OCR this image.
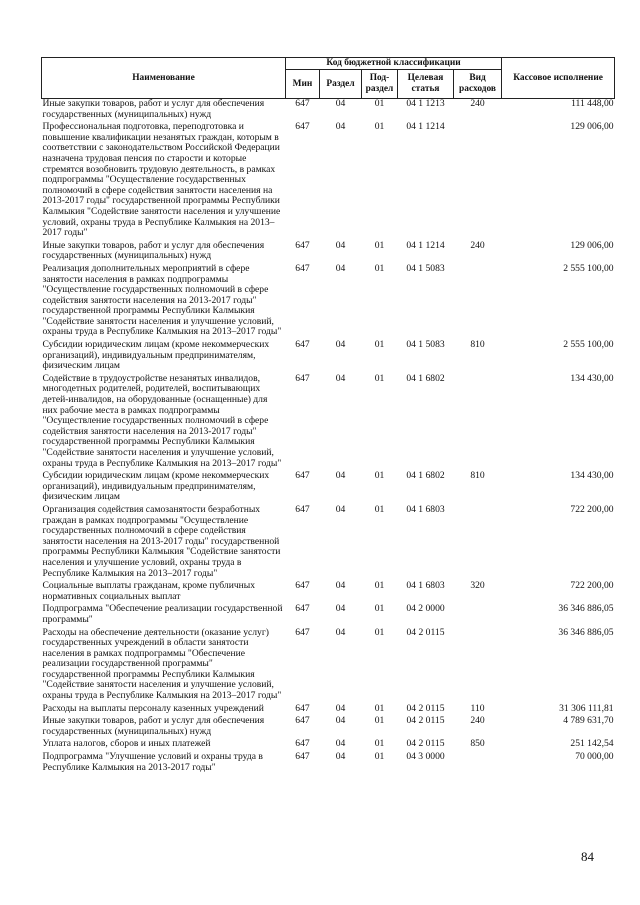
Наименование	Код бюджетной классификации					Кассовое исполнение
	Мин	Раздел	Под-раздел	Целевая статья	Вид расходов	
Иные закупки товаров, работ и услуг для обеспечения государственных (муниципальных) нужд	647	04	01	04 1 1213	240	111 448,00
Профессиональная подготовка, переподготовка и повышение квалификации незанятых граждан, которым в соответствии с законодательством Российской Федерации назначена трудовая пенсия по старости и которые стремятся возобновить трудовую деятельность, в рамках подпрограммы "Осуществление государственных полномочий в сфере содействия занятости населения на 2013-2017 годы" государственной программы Республики Калмыкия "Содействие занятости населения и улучшение условий, охраны труда в Республике Калмыкия на 2013–2017 годы"	647	04	01	04 1 1214		129 006,00
Иные закупки товаров, работ и услуг для обеспечения государственных (муниципальных) нужд	647	04	01	04 1 1214	240	129 006,00
Реализация дополнительных мероприятий в сфере занятости населения в рамках подпрограммы "Осуществление государственных полномочий в сфере содействия занятости населения на 2013-2017 годы" государственной программы Республики Калмыкия "Содействие занятости населения и улучшение условий, охраны труда в Республике Калмыкия на 2013–2017 годы"	647	04	01	04 1 5083		2 555 100,00
Субсидии юридическим лицам (кроме некоммерческих организаций), индивидуальным предпринимателям, физическим лицам	647	04	01	04 1 5083	810	2 555 100,00
Содействие в трудоустройстве незанятых инвалидов, многодетных родителей, родителей, воспитывающих детей-инвалидов, на оборудованные (оснащенные) для них рабочие места в рамках подпрограммы "Осуществление государственных полномочий в сфере содействия занятости населения на 2013-2017 годы" государственной программы Республики Калмыкия "Содействие занятости населения и улучшение условий, охраны труда в Республике Калмыкия на 2013–2017 годы"	647	04	01	04 1 6802		134 430,00
Субсидии юридическим лицам (кроме некоммерческих организаций), индивидуальным предпринимателям, физическим лицам	647	04	01	04 1 6802	810	134 430,00
Организация содействия самозанятости безработных граждан в рамках подпрограммы "Осуществление государственных полномочий в сфере содействия занятости населения на 2013-2017 годы" государственной программы Республики Калмыкия "Содействие занятости населения и улучшение условий, охраны труда в Республике Калмыкия на 2013–2017 годы"	647	04	01	04 1 6803		722 200,00
Социальные выплаты гражданам, кроме публичных нормативных социальных выплат	647	04	01	04 1 6803	320	722 200,00
Подпрограмма "Обеспечение реализации государственной программы"	647	04	01	04 2 0000		36 346 886,05
Расходы на обеспечение деятельности (оказание услуг) государственных учреждений в области занятости населения в рамках подпрограммы "Обеспечение реализации государственной программы" государственной программы Республики Калмыкия "Содействие занятости населения и улучшение условий, охраны труда в Республике Калмыкия на 2013–2017 годы"	647	04	01	04 2 0115		36 346 886,05
Расходы на выплаты персоналу казенных учреждений	647	04	01	04 2 0115	110	31 306 111,81
Иные закупки товаров, работ и услуг для обеспечения государственных (муниципальных) нужд	647	04	01	04 2 0115	240	4 789 631,70
Уплата налогов, сборов и иных платежей	647	04	01	04 2 0115	850	251 142,54
Подпрограмма "Улучшение условий и охраны труда в Республике Калмыкия на 2013-2017 годы"	647	04	01	04 3 0000		70 000,00
84
